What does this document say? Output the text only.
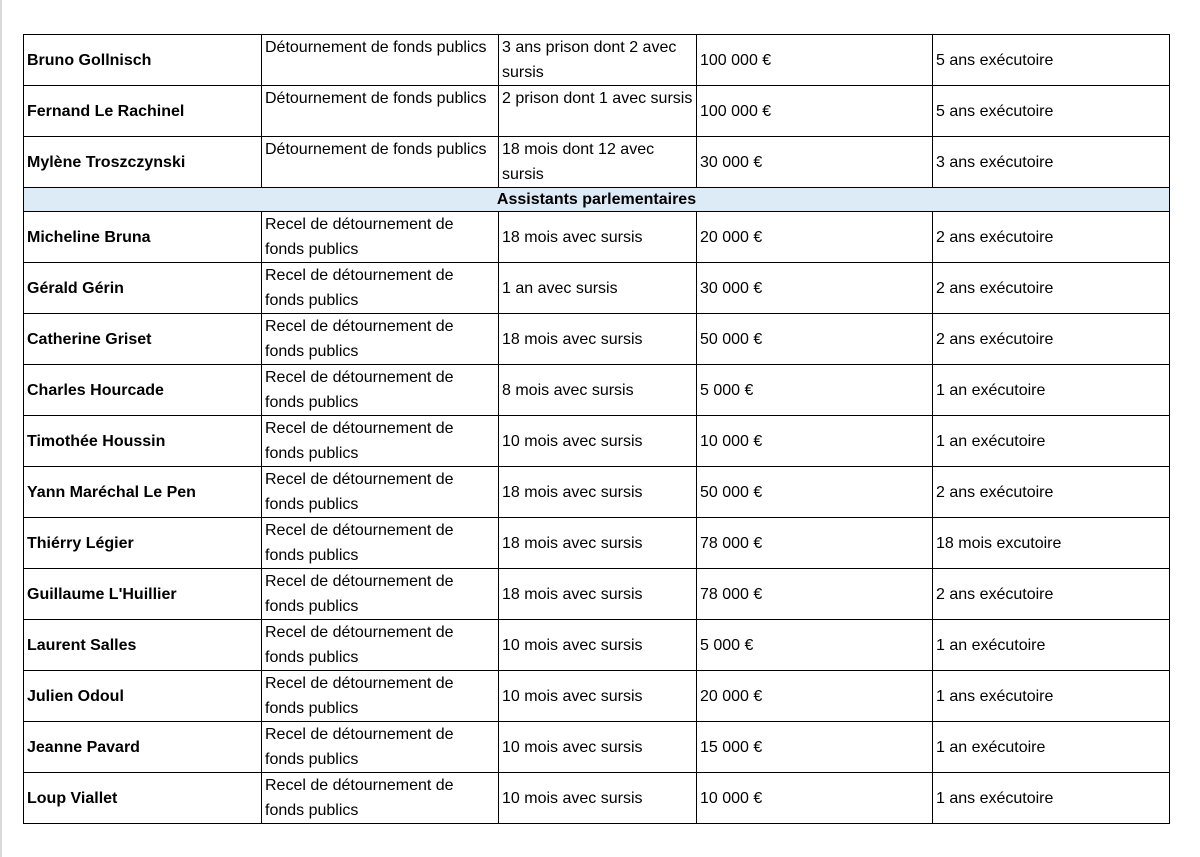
Bruno Gollnisch	Détournement de fonds publics	3 ans prison dont 2 avec sursis	100 000 €	5 ans exécutoire
Fernand Le Rachinel	Détournement de fonds publics	2 prison dont 1 avec sursis	100 000 €	5 ans exécutoire
Mylène Troszczynski	Détournement de fonds publics	18 mois dont 12 avec sursis	30 000 €	3 ans exécutoire
Assistants parlementaires				
Micheline Bruna	Recel de détournement de fonds publics	18 mois avec sursis	20 000 €	2 ans exécutoire
Gérald Gérin	Recel de détournement de fonds publics	1 an avec sursis	30 000 €	2 ans exécutoire
Catherine Griset	Recel de détournement de fonds publics	18 mois avec sursis	50 000 €	2 ans exécutoire
Charles Hourcade	Recel de détournement de fonds publics	8 mois avec sursis	5 000 €	1 an exécutoire
Timothée Houssin	Recel de détournement de fonds publics	10 mois avec sursis	10 000 €	1 an exécutoire
Yann Maréchal Le Pen	Recel de détournement de fonds publics	18 mois avec sursis	50 000 €	2 ans exécutoire
Thiérry Légier	Recel de détournement de fonds publics	18 mois avec sursis	78 000 €	18 mois excutoire
Guillaume L'Huillier	Recel de détournement de fonds publics	18 mois avec sursis	78 000 €	2 ans exécutoire
Laurent Salles	Recel de détournement de fonds publics	10 mois avec sursis	5 000 €	1 an exécutoire
Julien Odoul	Recel de détournement de fonds publics	10 mois avec sursis	20 000 €	1 ans exécutoire
Jeanne Pavard	Recel de détournement de fonds publics	10 mois avec sursis	15 000 €	1 an exécutoire
Loup Viallet	Recel de détournement de fonds publics	10 mois avec sursis	10 000 €	1 ans exécutoire
